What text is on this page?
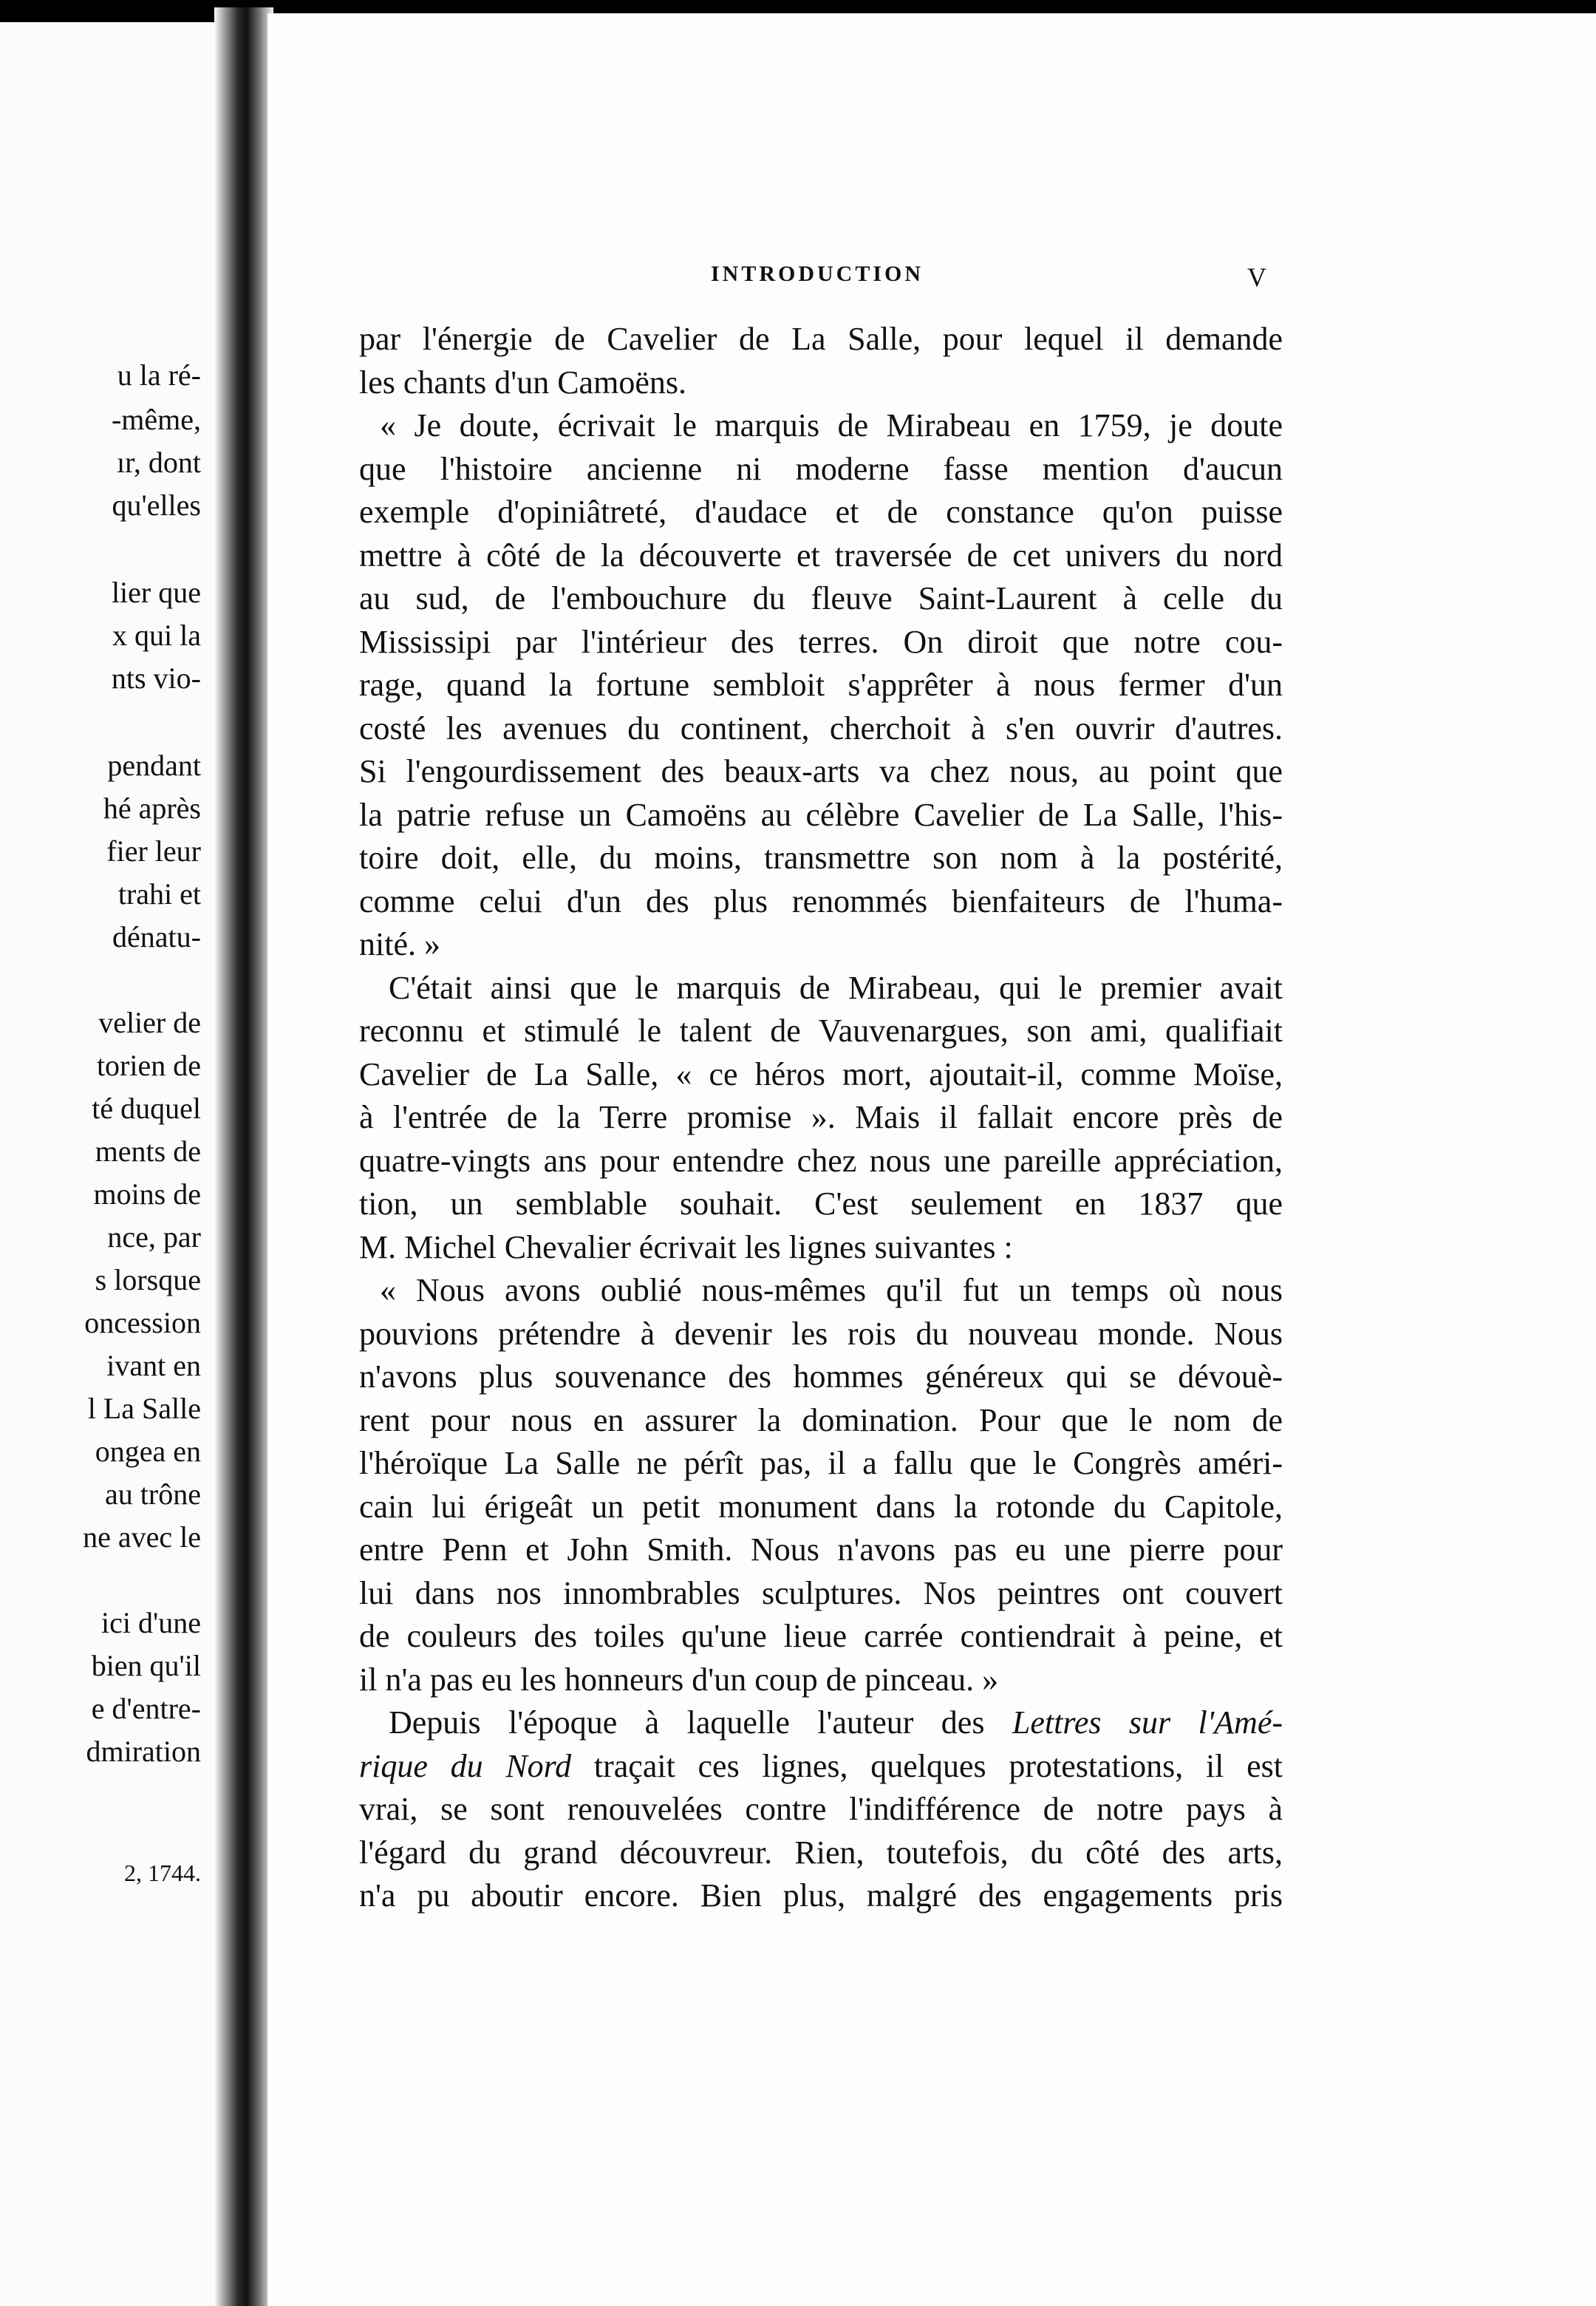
u la ré-
-même,
ır, dont
qu'elles
lier que
x qui la
nts vio-
pendant
hé après
fier leur
trahi et
dénatu-
velier de
torien de
té duquel
ments de
moins de
nce, par
s lorsque
oncession
ivant en
l La Salle
ongea en
au trône
ne avec le
ici d'une
bien qu'il
e d'entre-
dmiration
2, 1744.
INTRODUCTION	V
par l'énergie de Cavelier de La Salle, pour lequel il demande
les chants d'un Camoëns.
« Je doute, écrivait le marquis de Mirabeau en 1759, je doute
que l'histoire ancienne ni moderne fasse mention d'aucun
exemple d'opiniâtreté, d'audace et de constance qu'on puisse
mettre à côté de la découverte et traversée de cet univers du nord
au sud, de l'embouchure du fleuve Saint-Laurent à celle du
Mississipi par l'intérieur des terres. On diroit que notre cou-
rage, quand la fortune sembloit s'apprêter à nous fermer d'un
costé les avenues du continent, cherchoit à s'en ouvrir d'autres.
Si l'engourdissement des beaux-arts va chez nous, au point que
la patrie refuse un Camoëns au célèbre Cavelier de La Salle, l'his-
toire doit, elle, du moins, transmettre son nom à la postérité,
comme celui d'un des plus renommés bienfaiteurs de l'huma-
nité. »
C'était ainsi que le marquis de Mirabeau, qui le premier avait
reconnu et stimulé le talent de Vauvenargues, son ami, qualifiait
Cavelier de La Salle, « ce héros mort, ajoutait-il, comme Moïse,
à l'entrée de la Terre promise ». Mais il fallait encore près de
quatre-vingts ans pour entendre chez nous une pareille appréciation,
tion, un semblable souhait. C'est seulement en 1837 que
M. Michel Chevalier écrivait les lignes suivantes :
« Nous avons oublié nous-mêmes qu'il fut un temps où nous
pouvions prétendre à devenir les rois du nouveau monde. Nous
n'avons plus souvenance des hommes généreux qui se dévouè-
rent pour nous en assurer la domination. Pour que le nom de
l'héroïque La Salle ne pérît pas, il a fallu que le Congrès améri-
cain lui érigeât un petit monument dans la rotonde du Capitole,
entre Penn et John Smith. Nous n'avons pas eu une pierre pour
lui dans nos innombrables sculptures. Nos peintres ont couvert
de couleurs des toiles qu'une lieue carrée contiendrait à peine, et
il n'a pas eu les honneurs d'un coup de pinceau. »
Depuis l'époque à laquelle l'auteur des Lettres sur l'Amé-
rique du Nord traçait ces lignes, quelques protestations, il est
vrai, se sont renouvelées contre l'indifférence de notre pays à
l'égard du grand découvreur. Rien, toutefois, du côté des arts,
n'a pu aboutir encore. Bien plus, malgré des engagements pris
